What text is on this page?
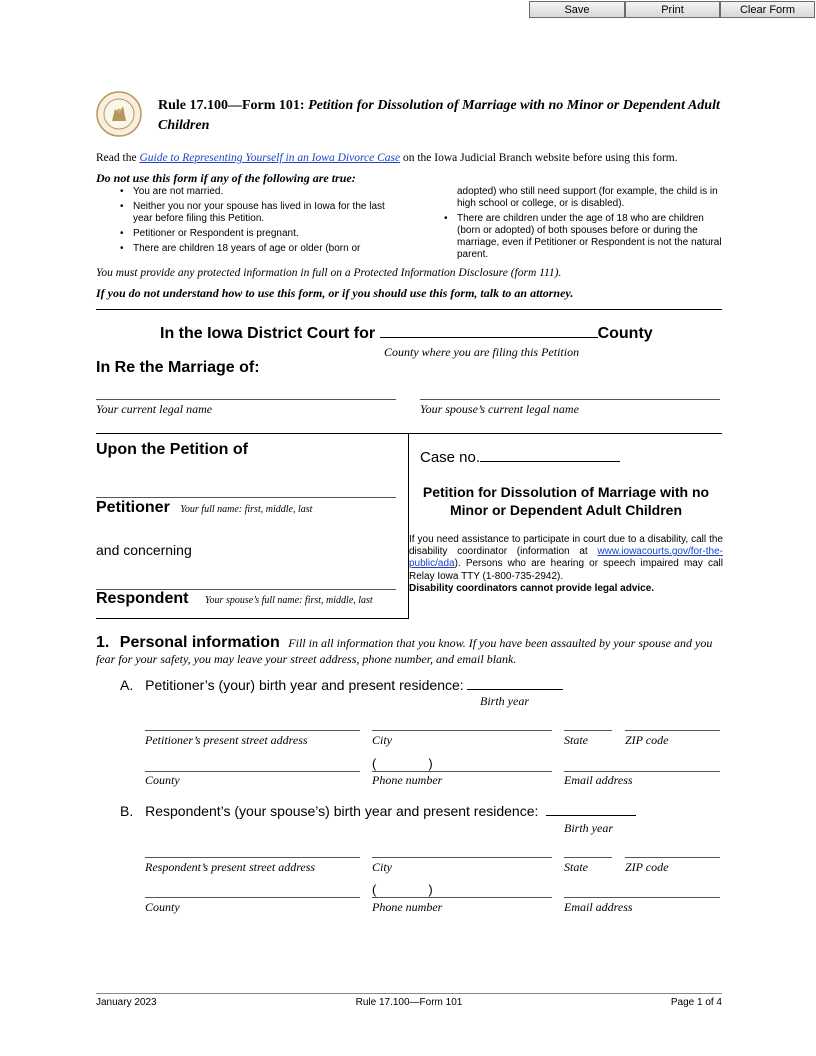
Save	Print	Clear Form
Rule 17.100—Form 101: Petition for Dissolution of Marriage with no Minor or Dependent Adult Children
Read the Guide to Representing Yourself in an Iowa Divorce Case on the Iowa Judicial Branch website before using this form.
Do not use this form if any of the following are true:
• You are not married.
• Neither you nor your spouse has lived in Iowa for the last year before filing this Petition.
• Petitioner or Respondent is pregnant.
• There are children 18 years of age or older (born or
adopted) who still need support (for example, the child is in high school or college, or is disabled).
• There are children under the age of 18 who are children (born or adopted) of both spouses before or during the marriage, even if Petitioner or Respondent is not the natural parent.
You must provide any protected information in full on a Protected Information Disclosure (form 111).
If you do not understand how to use this form, or if you should use this form, talk to an attorney.
In the Iowa District Court for	County
County where you are filing this Petition
In Re the Marriage of:
Your current legal name	Your spouse’s current legal name
Upon the Petition of
Petitioner Your full name: first, middle, last
and concerning
Respondent Your spouse’s full name: first, middle, last
Case no.
Petition for Dissolution of Marriage with no Minor or Dependent Adult Children
If you need assistance to participate in court due to a disability, call the disability coordinator (information at www.iowacourts.gov/for-the-public/ada). Persons who are hearing or speech impaired may call Relay Iowa TTY (1-800-735-2942).
Disability coordinators cannot provide legal advice.
1. Personal information Fill in all information that you know. If you have been assaulted by your spouse and you fear for your safety, you may leave your street address, phone number, and email blank.
A. Petitioner’s (your) birth year and present residence:
Birth year
Petitioner’s present street address	City	State	ZIP code
(	)
County	Phone number	Email address
B. Respondent’s (your spouse’s) birth year and present residence:
Birth year
Respondent’s present street address	City	State	ZIP code
(	)
County	Phone number	Email address
January 2023	Rule 17.100—Form 101	Page 1 of 4
